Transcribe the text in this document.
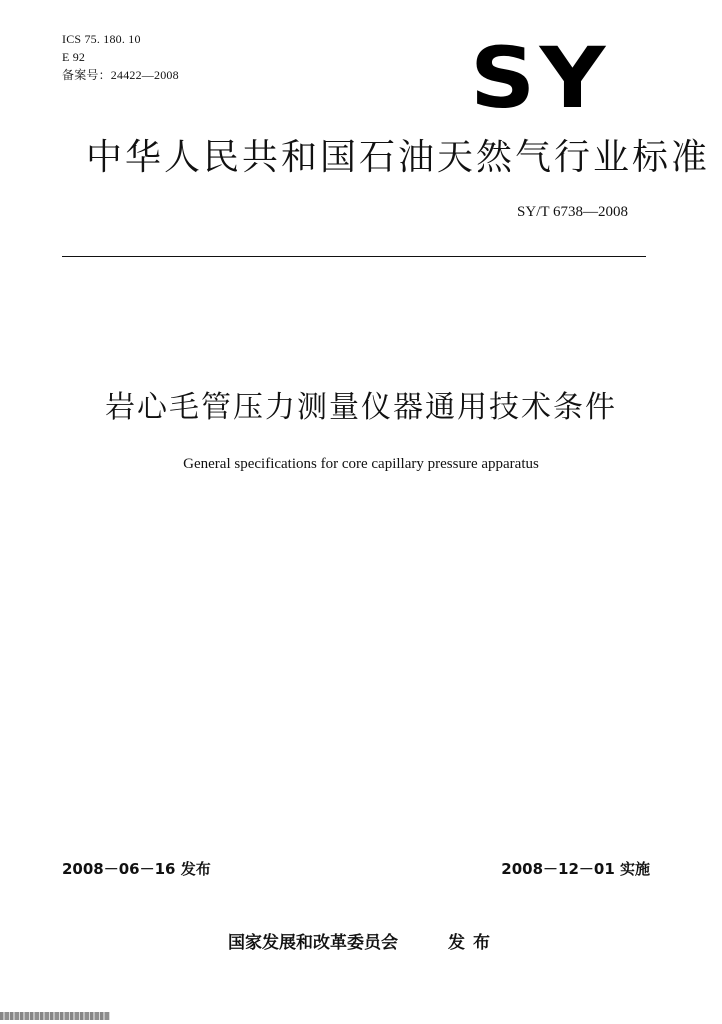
ICS 75. 180. 10
E 92
备案号：24422—2008	SY
中华人民共和国石油天然气行业标准
SY/T 6738—2008
岩心毛管压力测量仪器通用技术条件
General specifications for core capillary pressure apparatus
2008－06－16 发布	2008－12－01 实施
国家发展和改革委员会	发布
